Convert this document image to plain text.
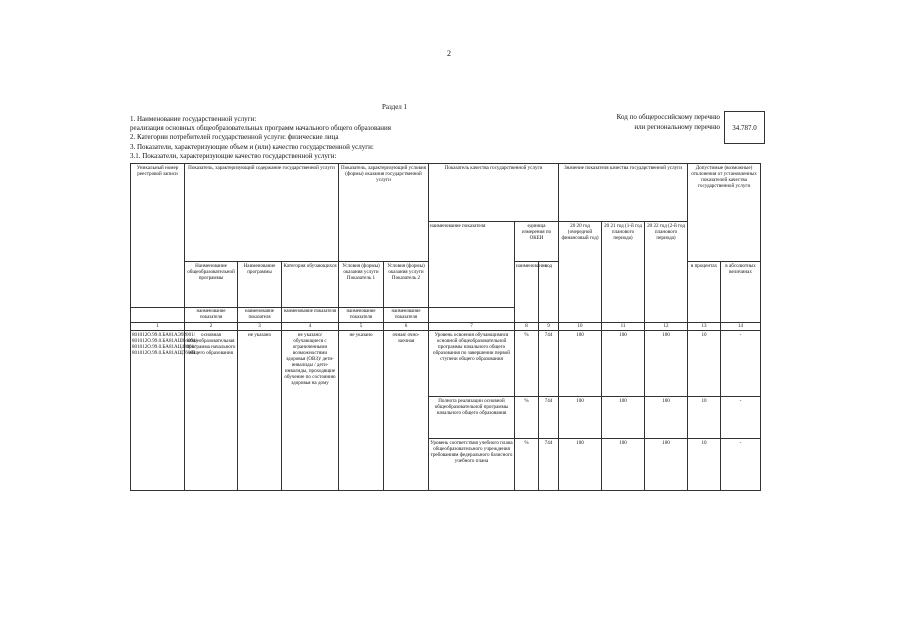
2
Раздел 1
1. Наименование государственной услуги:
реализация основных общеобразовательных программ начального общего образования
2. Категории потребителей государственной услуги: физические лица
3. Показатели, характеризующие объем и (или) качество государственной услуги:
3.1. Показатели, характеризующие качество государственной услуги:
Код по общероссийскому перечню или региональному перечню 34.787.0
Уникальный номер реестровой записи	Показатель, характеризующий содержание государственной услуги			Показатель, характеризующий условия (формы) оказания государственной услуги		Показатель качества государственной услуги			Значение показателя качества государственной услуги			Допустимые (возможные) отклонения от установленных показателей качества государственной услуги	
						наименование показателя	единица измерения по ОКЕИ		20 20 год (очередной финансовый год)	20 21 год (1-й год планового периода)	20 22 год (2-й год планового периода)		
	Наименование общеобразовательной программы	Наименование программы	Категория обучающихся	Условия (формы) оказания услуги Показатель 1	Условия (формы) оказания услуги Показатель 2		наименование	код				в процентах	в абсолютных величинах
	наименование показателя	наименование показателя	наименование показателя	наименование показателя	наименование показателя								
1	2	3	4	5	6	7	8	9	10	11	12	13	14
801012О.99.0.БА81АЭ92001/ 801012О.99.0.БА81АШ04001/ 801012О.99.0.БА81АЦ48001/ 801012О.99.0.БА81АЩ76001	основная общеобразовательная программа начального общего образования	не указано	не указано/ обучающиеся с ограниченными возможностями здоровья (ОВЗ)/ дети-инвалиды / дети-инвалиды, проходящие обучение по состоянию здоровья на дому	не указано	очная/ очно-заочная	Уровень освоения обучающимися основной общеобразовательной программы начального общего образования по завершении первой ступени общего образования	%	744	100	100	100	10	-
						Полнота реализации основной общеобразовательной программы начального общего образования	%	744	100	100	100	10	-
						Уровень соответствия учебного плана общеобразовательного учреждения требованиям федерального базисного учебного плана	%	744	100	100	100	10	-
